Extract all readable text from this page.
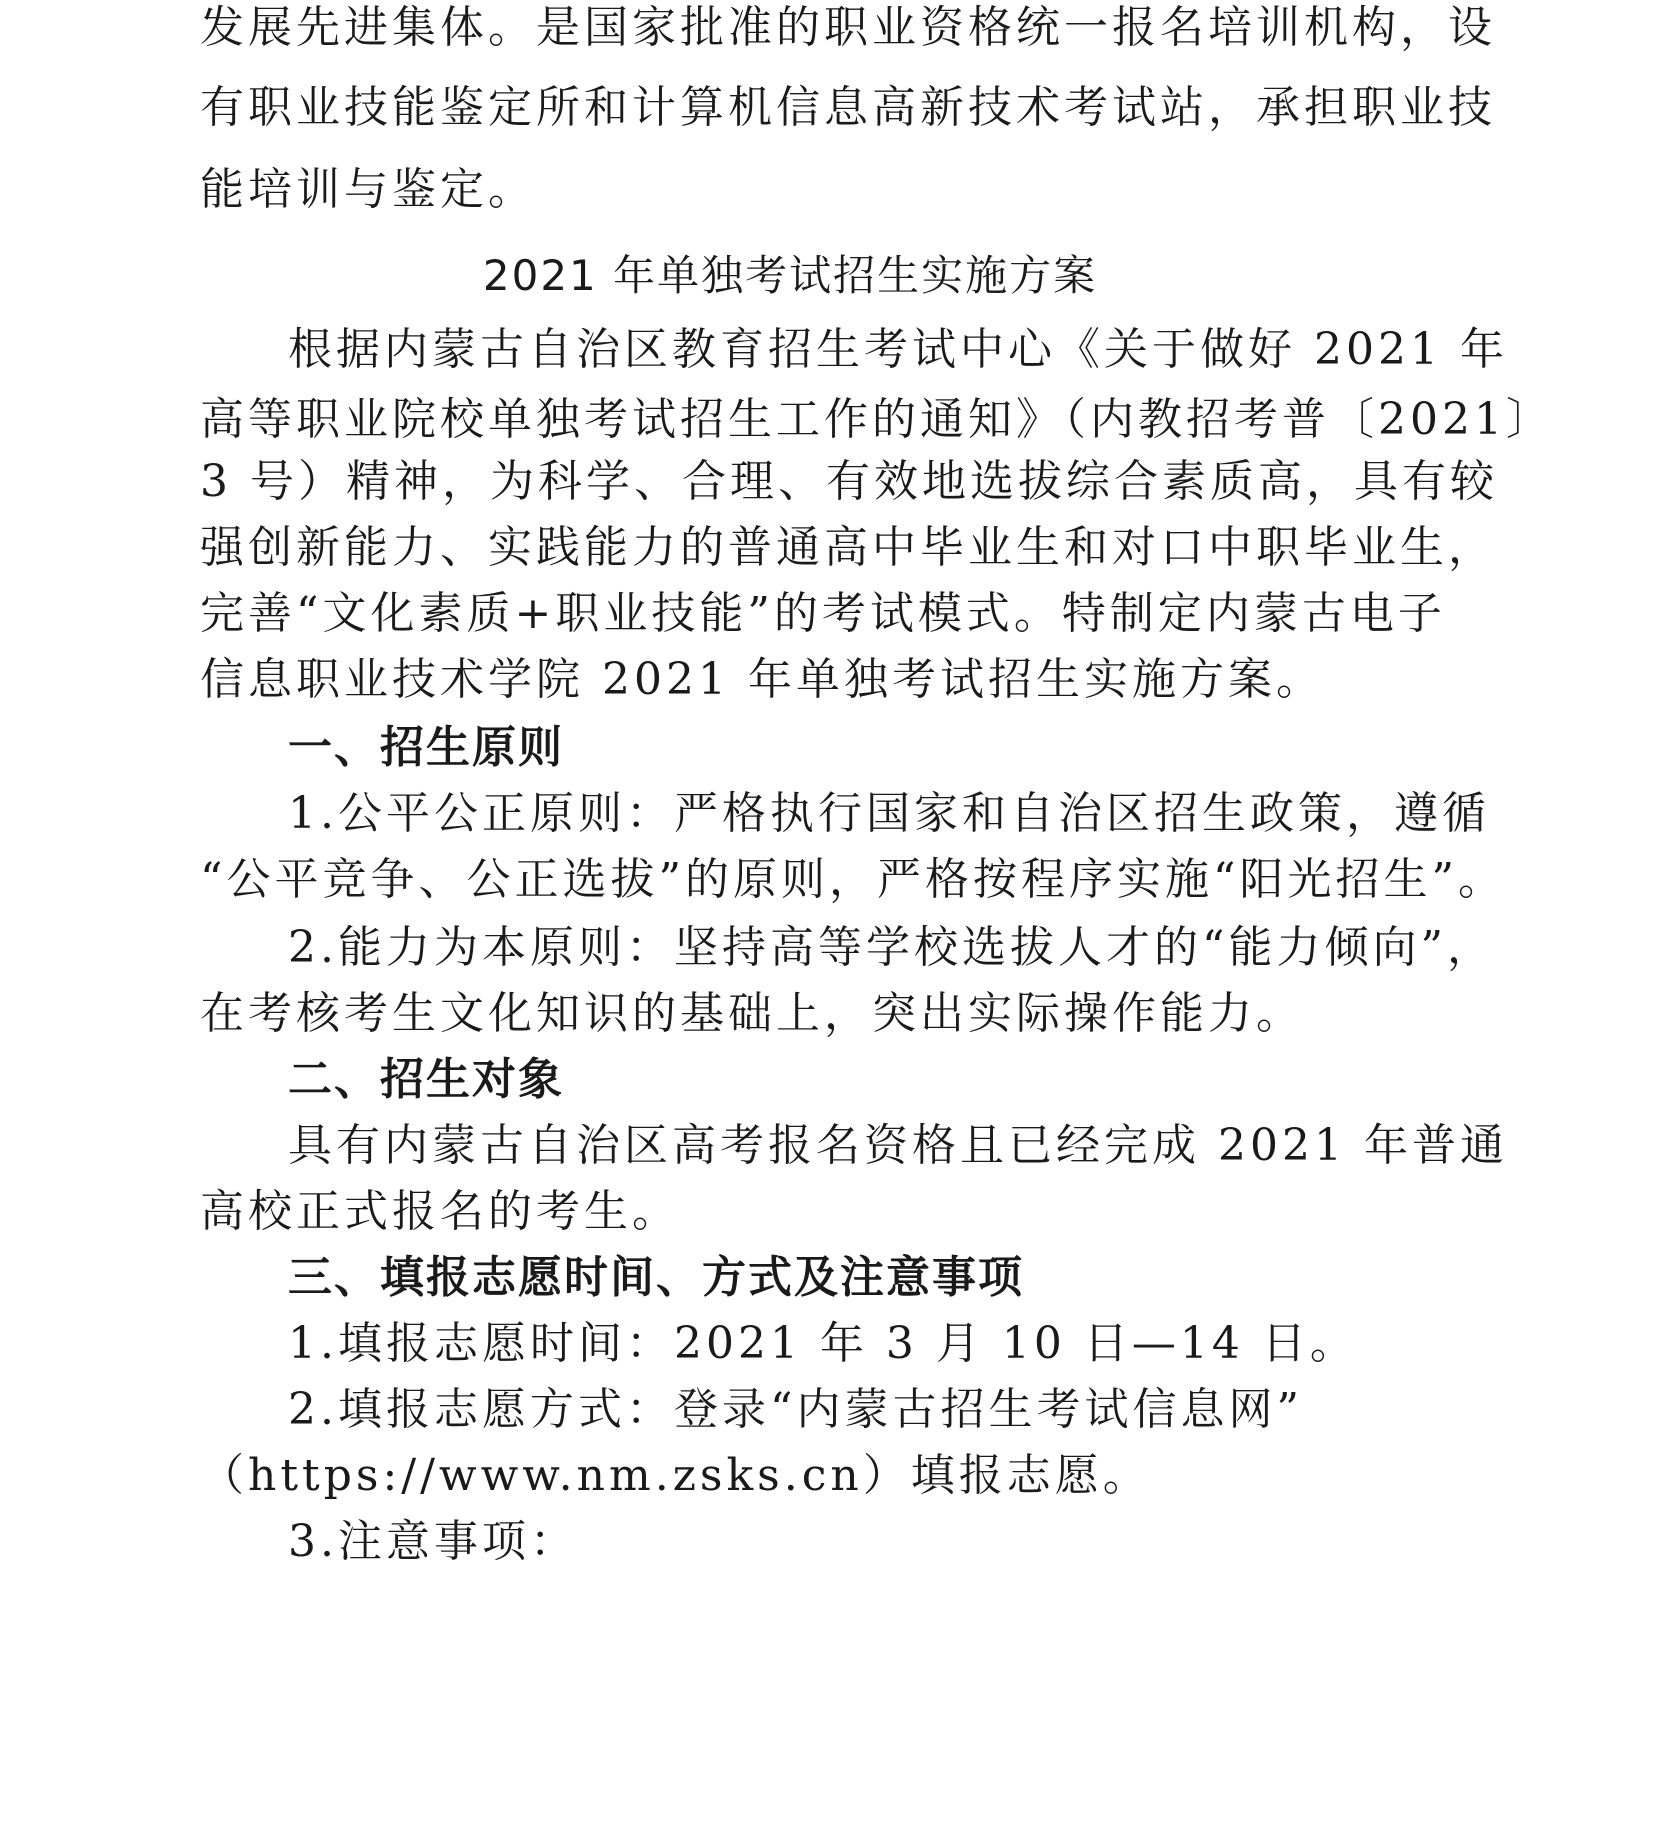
发展先进集体。是国家批准的职业资格统一报名培训机构，设
有职业技能鉴定所和计算机信息高新技术考试站，承担职业技
能培训与鉴定。
2021 年单独考试招生实施方案
根据内蒙古自治区教育招生考试中心《关于做好 2021 年
高等职业院校单独考试招生工作的通知》（内教招考普〔2021〕
3 号）精神，为科学、合理、有效地选拔综合素质高，具有较
强创新能力、实践能力的普通高中毕业生和对口中职毕业生，
完善“文化素质+职业技能”的考试模式。特制定内蒙古电子
信息职业技术学院 2021 年单独考试招生实施方案。
一、招生原则
1.公平公正原则：严格执行国家和自治区招生政策，遵循
“公平竞争、公正选拔”的原则，严格按程序实施“阳光招生”。
2.能力为本原则：坚持高等学校选拔人才的“能力倾向”，
在考核考生文化知识的基础上，突出实际操作能力。
二、招生对象
具有内蒙古自治区高考报名资格且已经完成 2021 年普通
高校正式报名的考生。
三、填报志愿时间、方式及注意事项
1.填报志愿时间：2021 年 3 月 10 日—14 日。
2.填报志愿方式：登录“内蒙古招生考试信息网”
（https://www.nm.zsks.cn）填报志愿。
3.注意事项：
